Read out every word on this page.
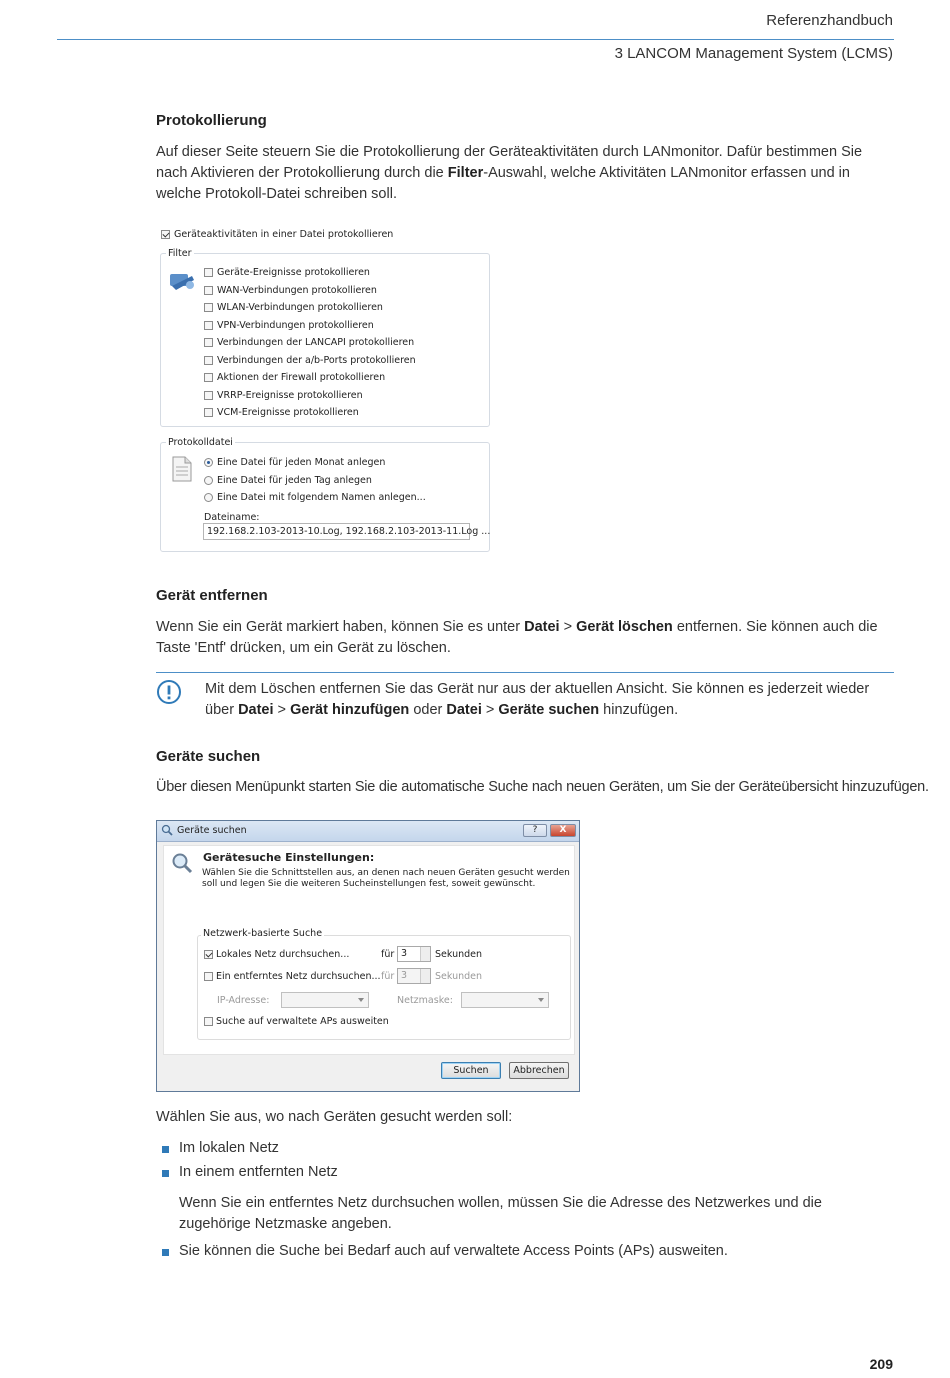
Referenzhandbuch
3 LANCOM Management System (LCMS)
Protokollierung

Auf dieser Seite steuern Sie die Protokollierung der Geräteaktivitäten durch LANmonitor. Dafür bestimmen Sie nach Aktivieren der Protokollierung durch die Filter-Auswahl, welche Aktivitäten LANmonitor erfassen und in welche Protokoll-Datei schreiben soll.

Geräteaktivitäten in einer Datei protokollieren
Filter
Geräte-Ereignisse protokollieren
WAN-Verbindungen protokollieren
WLAN-Verbindungen protokollieren
VPN-Verbindungen protokollieren
Verbindungen der LANCAPI protokollieren
Verbindungen der a/b-Ports protokollieren
Aktionen der Firewall protokollieren
VRRP-Ereignisse protokollieren
VCM-Ereignisse protokollieren
Protokolldatei
Eine Datei für jeden Monat anlegen
Eine Datei für jeden Tag anlegen
Eine Datei mit folgendem Namen anlegen...
Dateiname:
192.168.2.103-2013-10.Log, 192.168.2.103-2013-11.Log ...
Gerät entfernen

Wenn Sie ein Gerät markiert haben, können Sie es unter Datei > Gerät löschen entfernen. Sie können auch die Taste 'Entf' drücken, um ein Gerät zu löschen.

Mit dem Löschen entfernen Sie das Gerät nur aus der aktuellen Ansicht. Sie können es jederzeit wieder über Datei > Gerät hinzufügen oder Datei > Geräte suchen hinzufügen.

Geräte suchen

Über diesen Menüpunkt starten Sie die automatische Suche nach neuen Geräten, um Sie der Geräteübersicht hinzuzufügen.

Geräte suchen	?	X
Gerätesuche Einstellungen:
Wählen Sie die Schnittstellen aus, an denen nach neuen Geräten gesucht werden soll und legen Sie die weiteren Sucheinstellungen fest, soweit gewünscht.
Netzwerk-basierte Suche
Lokales Netz durchsuchen...	für 3	Sekunden
Ein entferntes Netz durchsuchen... für 3	Sekunden
IP-Adresse:	Netzmaske:
Suche auf verwaltete APs ausweiten
Suchen	Abbrechen

Wählen Sie aus, wo nach Geräten gesucht werden soll:

Im lokalen Netz

In einem entfernten Netz

Wenn Sie ein entferntes Netz durchsuchen wollen, müssen Sie die Adresse des Netzwerkes und die zugehörige Netzmaske angeben.

Sie können die Suche bei Bedarf auch auf verwaltete Access Points (APs) ausweiten.

209
